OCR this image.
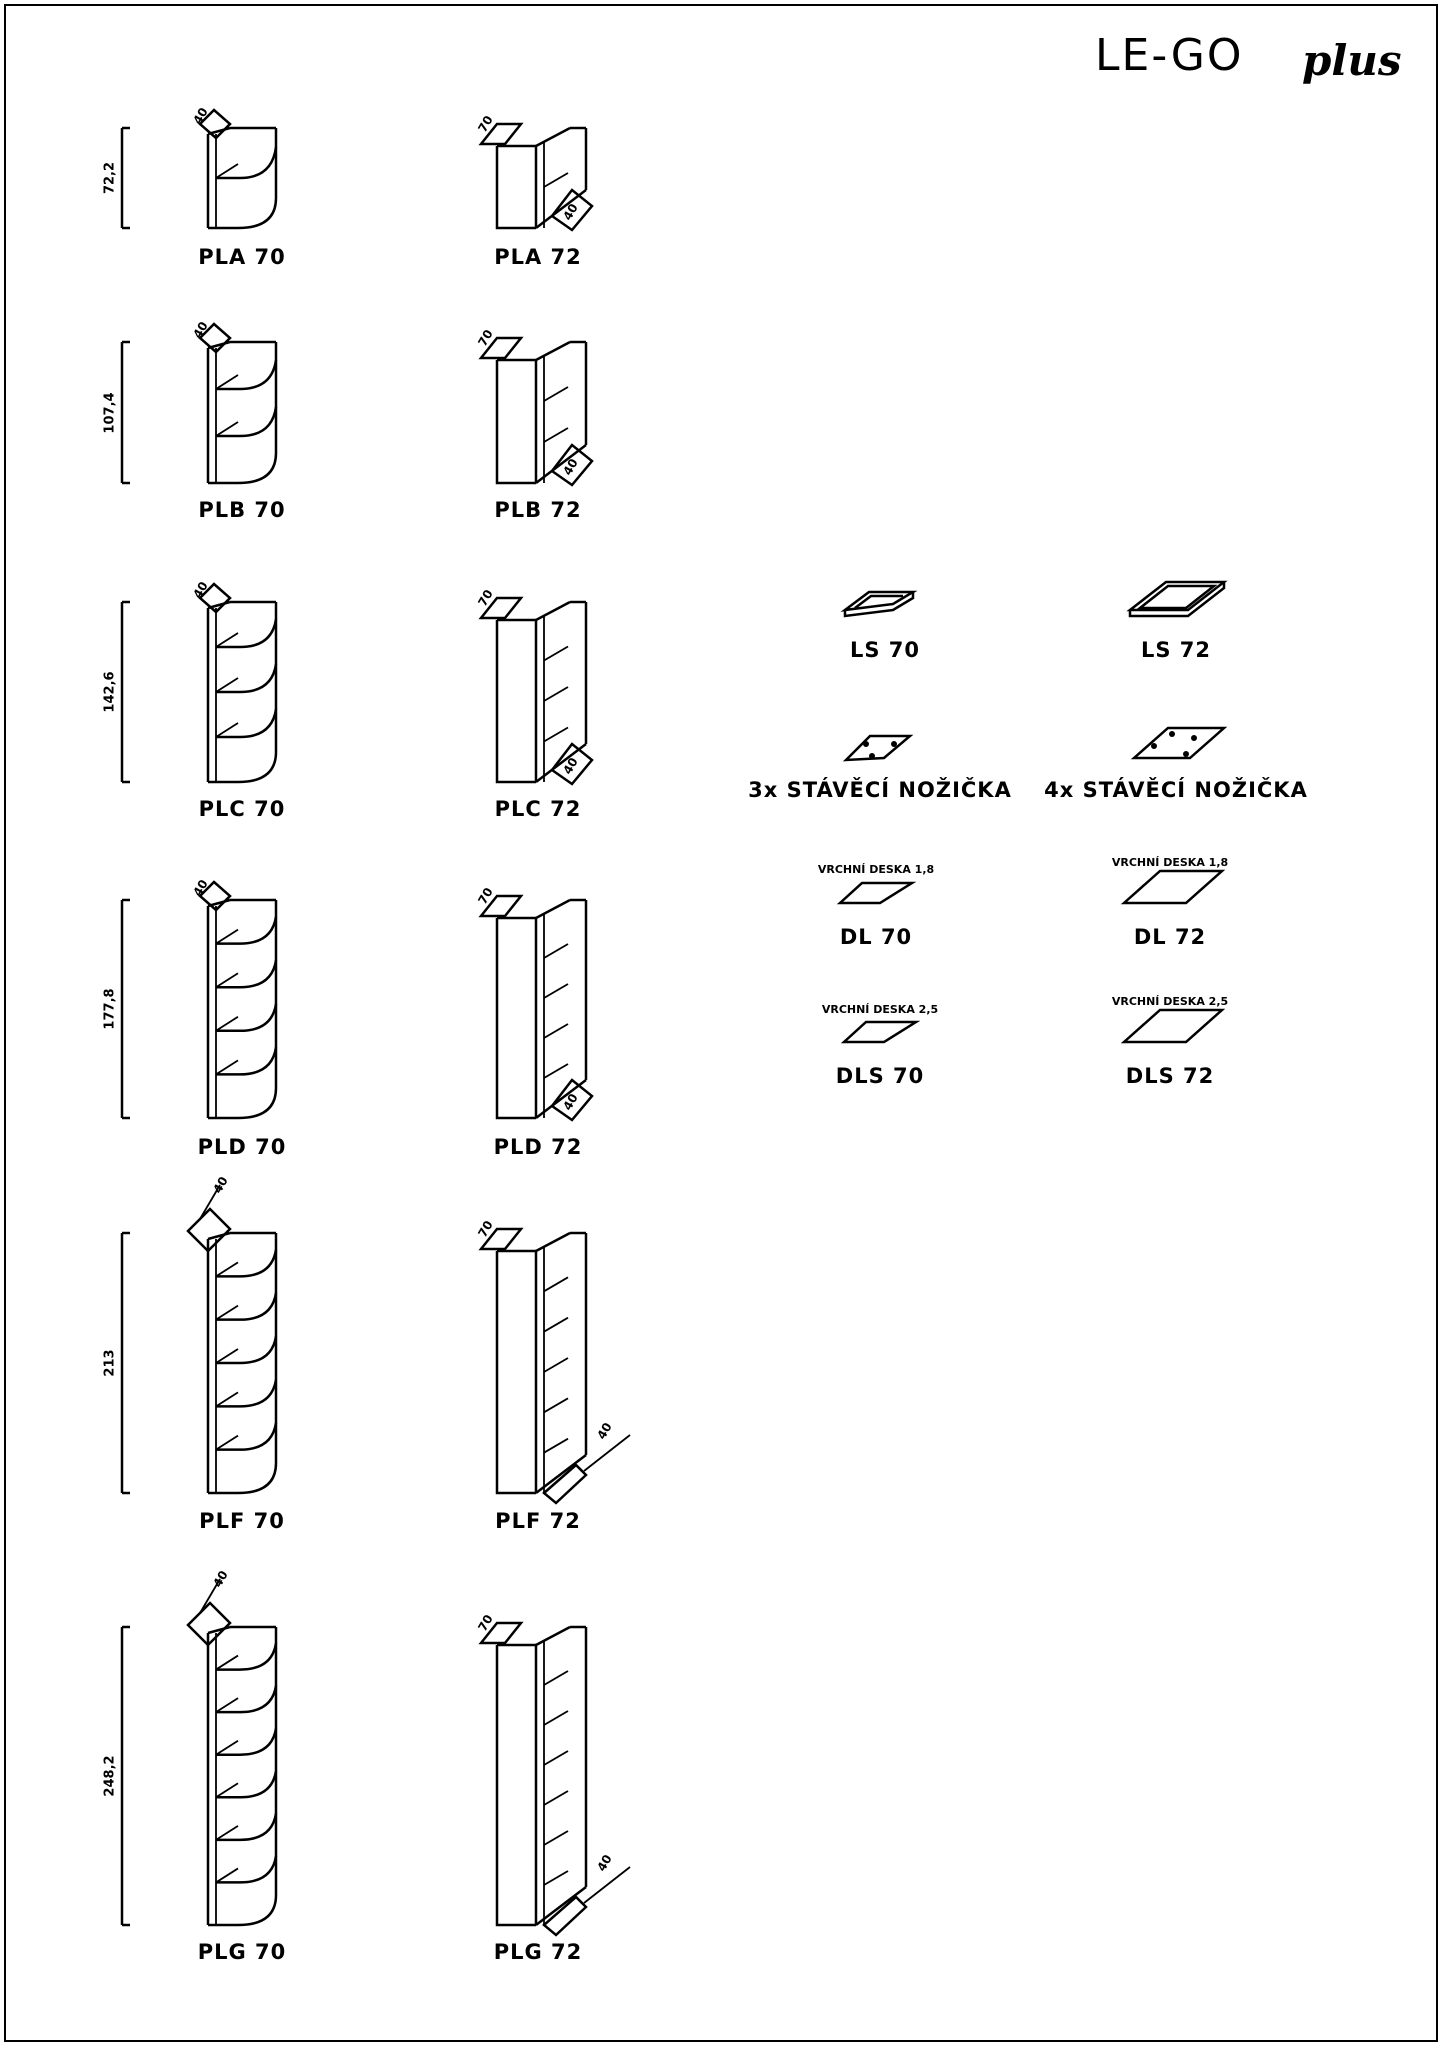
LE-GO plus
40	70
40
40	70
40
40	70
40
40	70
40
40
70
40
40
70
40
72,2
PLA 70	PLA 72
107,4
PLB 70	PLB 72
142,6
PLC 70	PLC 72
177,8
PLD 70	PLD 72
213
PLF 70	PLF 72
248,2
PLG 70	PLG 72
LS 70	LS 72
3x STÁVĚCÍ NOŽIČKA 4x STÁVĚCÍ NOŽIČKA
DL 70
VRCHNÍ DESKA 1,8
DL 72
VRCHNÍ DESKA 1,8
DLS 70
VRCHNÍ DESKA 2,5
DLS 72
VRCHNÍ DESKA 2,5
